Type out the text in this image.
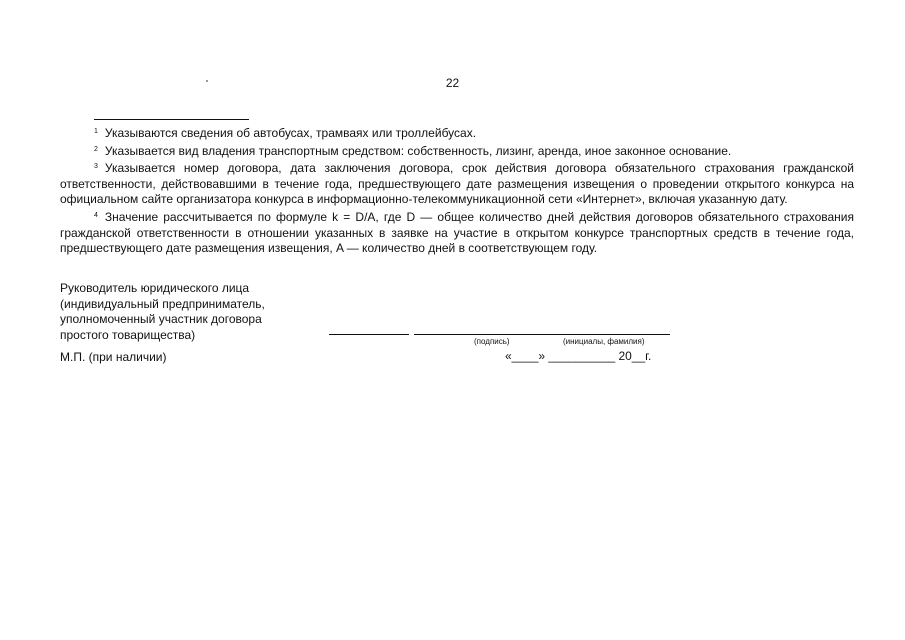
22
$^1$ Указываются сведения об автобусах, трамваях или троллейбусах.
$^2$ Указывается вид владения транспортным средством: собственность, лизинг, аренда, иное законное основание.
$^3$ Указывается номер договора, дата заключения договора, срок действия договора обязательного страхования гражданской ответственности, действовавшими в течение года, предшествующего дате размещения извещения о проведении открытого конкурса на официальном сайте организатора конкурса в информационно-телекоммуникационной сети «Интернет», включая указанную дату.
$^4$ Значение рассчитывается по формуле k = D/A, где D — общее количество дней действия договоров обязательного страхования гражданской ответственности в отношении указанных в заявке на участие в открытом конкурсе транспортных средств в течение года, предшествующего дате размещения извещения, A — количество дней в соответствующем году.
Руководитель юридического лица
(индивидуальный предприниматель,
уполномоченный участник договора
простого товарищества)	(подпись)	(инициалы, фамилия)
М.П. (при наличии)	«____» __________ 20__г.
